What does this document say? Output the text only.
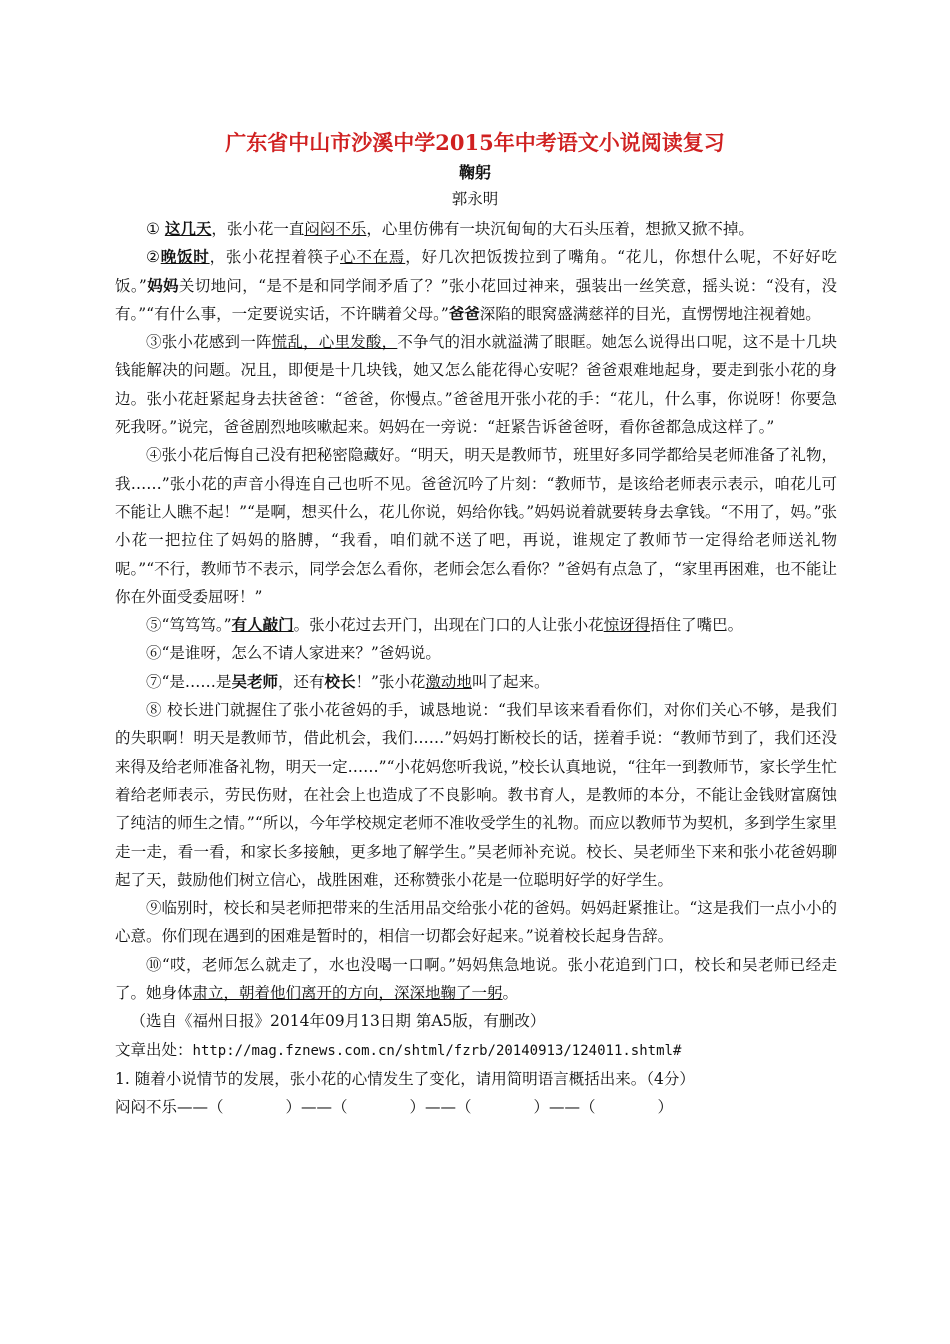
广东省中山市沙溪中学2015年中考语文小说阅读复习
鞠躬
郭永明

① 这几天，张小花一直闷闷不乐，心里仿佛有一块沉甸甸的大石头压着，想掀又掀不掉。

②晚饭时，张小花捏着筷子心不在焉，好几次把饭拨拉到了嘴角。“花儿，你想什么呢，不好好吃饭。”妈妈关切地问，“是不是和同学闹矛盾了？”张小花回过神来，强装出一丝笑意，摇头说：“没有，没有。”“有什么事，一定要说实话，不许瞒着父母。”爸爸深陷的眼窝盛满慈祥的目光，直愣愣地注视着她。

③张小花感到一阵慌乱，心里发酸，不争气的泪水就溢满了眼眶。她怎么说得出口呢，这不是十几块钱能解决的问题。况且，即便是十几块钱，她又怎么能花得心安呢？爸爸艰难地起身，要走到张小花的身边。张小花赶紧起身去扶爸爸：“爸爸，你慢点。”爸爸甩开张小花的手：“花儿，什么事，你说呀！你要急死我呀。”说完，爸爸剧烈地咳嗽起来。妈妈在一旁说：“赶紧告诉爸爸呀，看你爸都急成这样了。”

④张小花后悔自己没有把秘密隐藏好。“明天，明天是教师节，班里好多同学都给吴老师准备了礼物，我……”张小花的声音小得连自己也听不见。爸爸沉吟了片刻：“教师节，是该给老师表示表示，咱花儿可不能让人瞧不起！”“是啊，想买什么，花儿你说，妈给你钱。”妈妈说着就要转身去拿钱。“不用了，妈。”张小花一把拉住了妈妈的胳膊，“我看，咱们就不送了吧，再说，谁规定了教师节一定得给老师送礼物呢。”“不行，教师节不表示，同学会怎么看你，老师会怎么看你？”爸妈有点急了，“家里再困难，也不能让你在外面受委屈呀！”

⑤“笃笃笃。”有人敲门。张小花过去开门，出现在门口的人让张小花惊讶得捂住了嘴巴。

⑥“是谁呀，怎么不请人家进来？”爸妈说。

⑦“是……是吴老师，还有校长！”张小花激动地叫了起来。

⑧ 校长进门就握住了张小花爸妈的手，诚恳地说：“我们早该来看看你们，对你们关心不够，是我们的失职啊！明天是教师节，借此机会，我们……”妈妈打断校长的话，搓着手说：“教师节到了，我们还没来得及给老师准备礼物，明天一定……”“小花妈您听我说，”校长认真地说，“往年一到教师节，家长学生忙着给老师表示，劳民伤财，在社会上也造成了不良影响。教书育人，是教师的本分，不能让金钱财富腐蚀了纯洁的师生之情。”“所以，今年学校规定老师不准收受学生的礼物。而应以教师节为契机，多到学生家里走一走，看一看，和家长多接触，更多地了解学生。”吴老师补充说。校长、吴老师坐下来和张小花爸妈聊起了天，鼓励他们树立信心，战胜困难，还称赞张小花是一位聪明好学的好学生。

⑨临别时，校长和吴老师把带来的生活用品交给张小花的爸妈。妈妈赶紧推让。“这是我们一点小小的心意。你们现在遇到的困难是暂时的，相信一切都会好起来。”说着校长起身告辞。

⑩“哎，老师怎么就走了，水也没喝一口啊。”妈妈焦急地说。张小花追到门口，校长和吴老师已经走了。她身体肃立，朝着他们离开的方向，深深地鞠了一躬。

（选自《福州日报》2014年09月13日期 第A5版，有删改）

文章出处：http://mag.fznews.com.cn/shtml/fzrb/20140913/124011.shtml#

1. 随着小说情节的发展，张小花的心情发生了变化，请用简明语言概括出来。（4分）

闷闷不乐——（　　　　）——（　　　　）——（　　　　）——（　　　　）
